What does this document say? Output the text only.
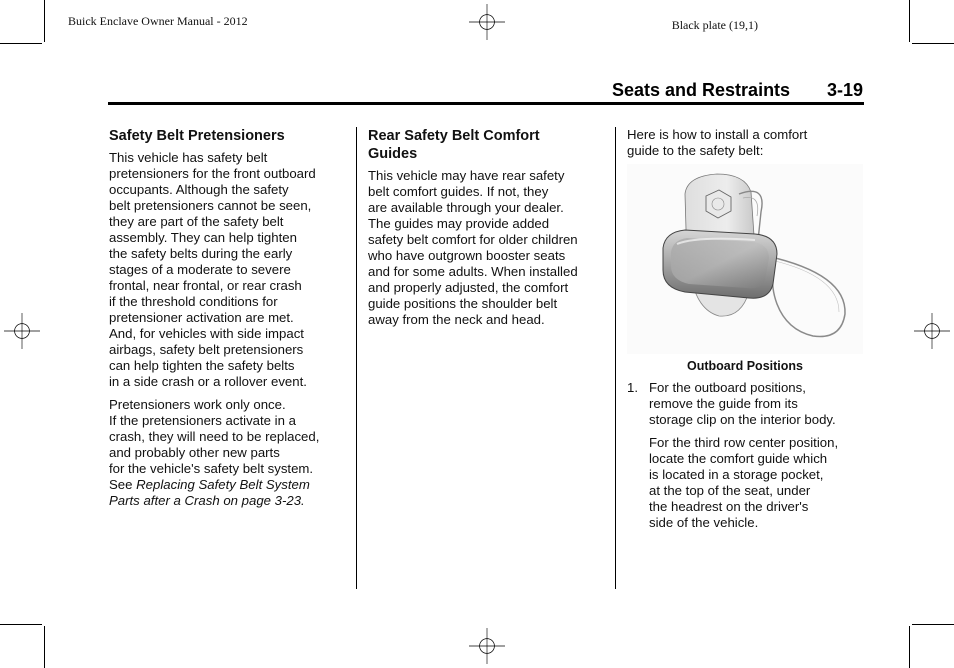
Buick Enclave Owner Manual - 2012	Black plate (19,1)
Seats and Restraints 3-19
Safety Belt Pretensioners
This vehicle has safety belt
pretensioners for the front outboard
occupants. Although the safety
belt pretensioners cannot be seen,
they are part of the safety belt
assembly. They can help tighten
the safety belts during the early
stages of a moderate to severe
frontal, near frontal, or rear crash
if the threshold conditions for
pretensioner activation are met.
And, for vehicles with side impact
airbags, safety belt pretensioners
can help tighten the safety belts
in a side crash or a rollover event.
Pretensioners work only once.
If the pretensioners activate in a
crash, they will need to be replaced,
and probably other new parts
for the vehicle's safety belt system.
See Replacing Safety Belt System
Parts after a Crash on page 3-23.
Rear Safety Belt Comfort
Guides
This vehicle may have rear safety
belt comfort guides. If not, they
are available through your dealer.
The guides may provide added
safety belt comfort for older children
who have outgrown booster seats
and for some adults. When installed
and properly adjusted, the comfort
guide positions the shoulder belt
away from the neck and head.
Here is how to install a comfort
guide to the safety belt:
Outboard Positions
1. For the outboard positions,
remove the guide from its
storage clip on the interior body.
For the third row center position,
locate the comfort guide which
is located in a storage pocket,
at the top of the seat, under
the headrest on the driver's
side of the vehicle.
